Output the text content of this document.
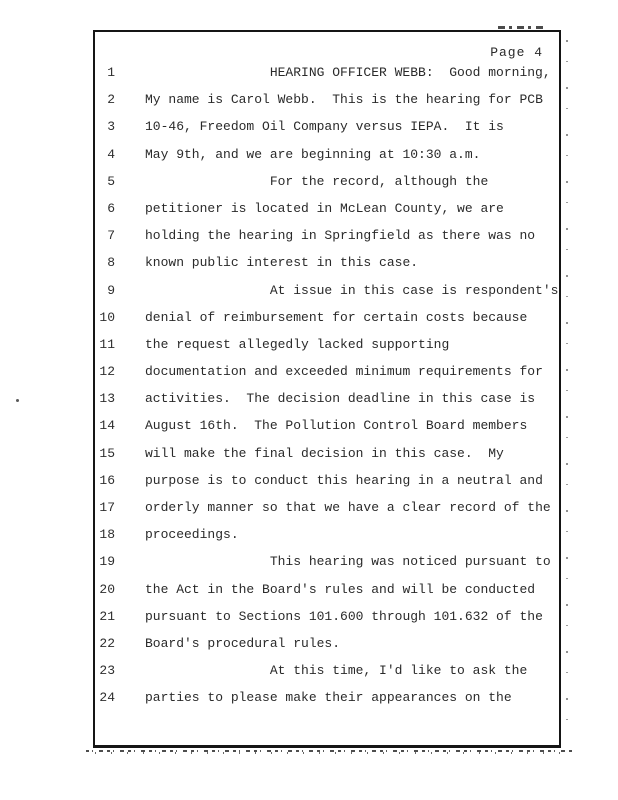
Page 4
1	HEARING OFFICER WEBB:  Good morning,
2	My name is Carol Webb.  This is the hearing for PCB
3	10-46, Freedom Oil Company versus IEPA.  It is
4	May 9th, and we are beginning at 10:30 a.m.
5	For the record, although the
6	petitioner is located in McLean County, we are
7	holding the hearing in Springfield as there was no
8	known public interest in this case.
9	At issue in this case is respondent's
10	denial of reimbursement for certain costs because
11	the request allegedly lacked supporting
12	documentation and exceeded minimum requirements for
13	activities.  The decision deadline in this case is
14	August 16th.  The Pollution Control Board members
15	will make the final decision in this case.  My
16	purpose is to conduct this hearing in a neutral and
17	orderly manner so that we have a clear record of the
18	proceedings.
19	This hearing was noticed pursuant to
20	the Act in the Board's rules and will be conducted
21	pursuant to Sections 101.600 through 101.632 of the
22	Board's procedural rules.
23	At this time, I'd like to ask the
24	parties to please make their appearances on the
